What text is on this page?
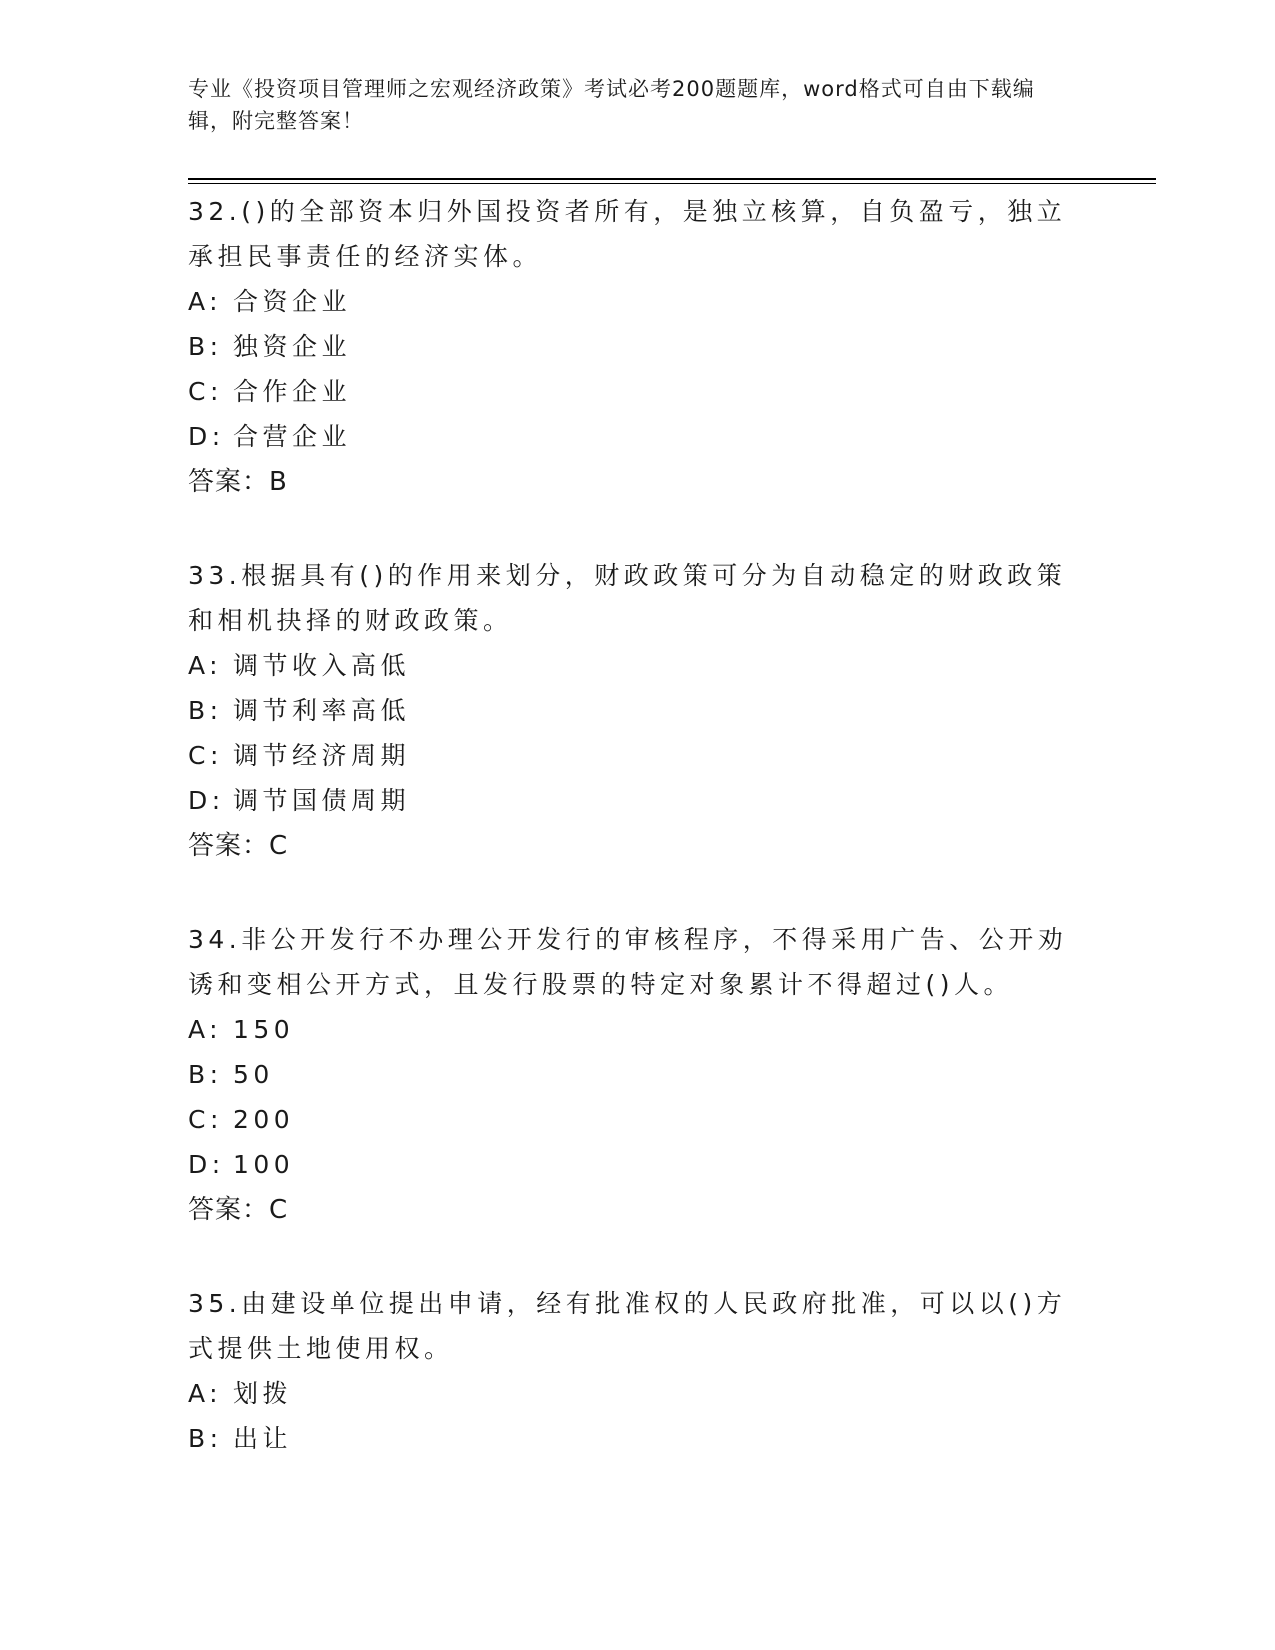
专业《投资项目管理师之宏观经济政策》考试必考200题题库，word格式可自由下载编辑，附完整答案！

32.()的全部资本归外国投资者所有，是独立核算，自负盈亏，独立承担民事责任的经济实体。

A: 合资企业
B: 独资企业
C: 合作企业
D: 合营企业

答案：B

33.根据具有()的作用来划分，财政政策可分为自动稳定的财政政策和相机抉择的财政政策。

A: 调节收入高低
B: 调节利率高低
C: 调节经济周期
D: 调节国债周期

答案：C

34.非公开发行不办理公开发行的审核程序，不得采用广告、公开劝诱和变相公开方式，且发行股票的特定对象累计不得超过()人。

A: 150
B: 50
C: 200
D: 100

答案：C

35.由建设单位提出申请，经有批准权的人民政府批准，可以以()方式提供土地使用权。

A: 划拨
B: 出让
